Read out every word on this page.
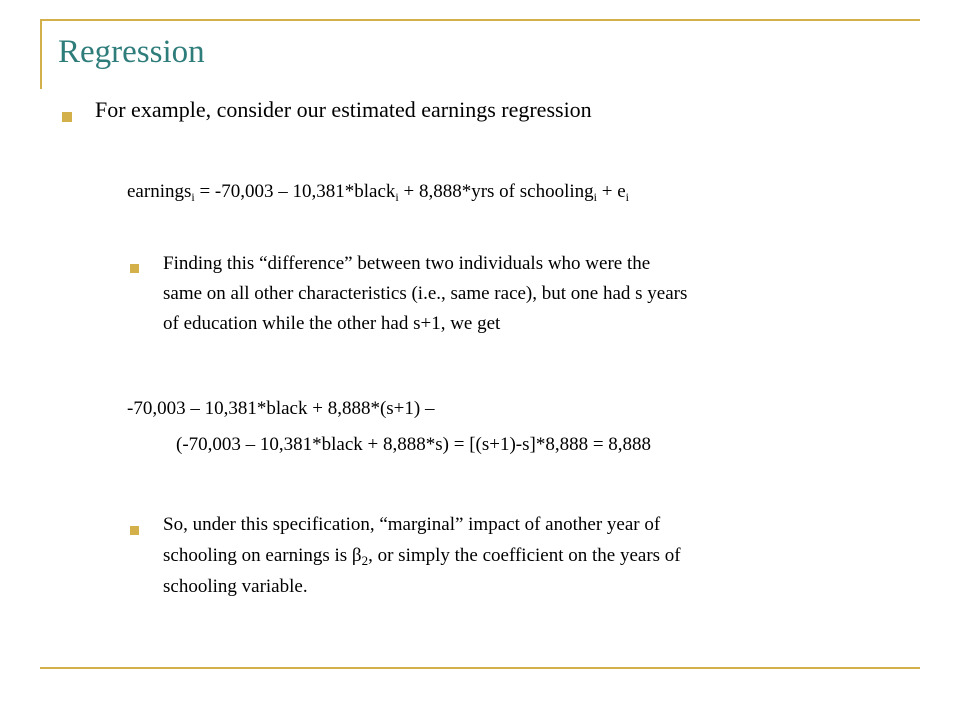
Regression
For example, consider our estimated earnings regression
earnings$_i$ = -70,003 – 10,381*black$_i$ + 8,888*yrs of schooling$_i$ + $e_i$
Finding this “difference” between two individuals who were the
same on all other characteristics (i.e., same race), but one had s years
of education while the other had s+1, we get
-70,003 – 10,381*black + 8,888*(s+1) –
(-70,003 – 10,381*black + 8,888*s) = [(s+1)-s]*8,888 = 8,888
So, under this specification, “marginal” impact of another year of
schooling on earnings is $\beta_2$, or simply the coefficient on the years of
schooling variable.
